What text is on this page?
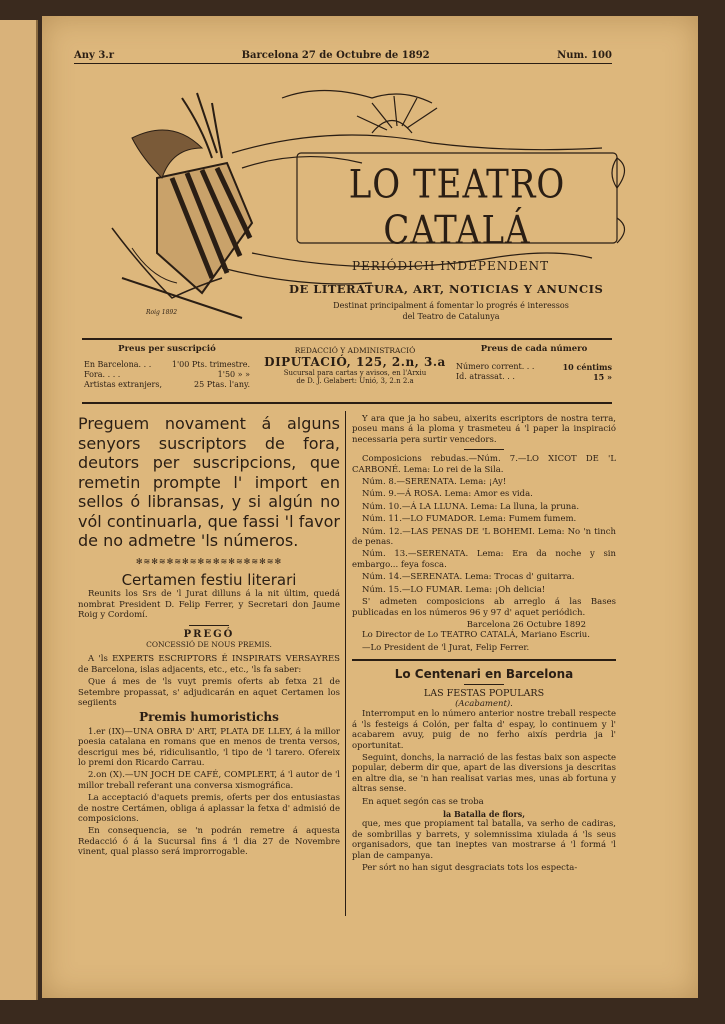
Any 3.r	Barcelona 27 de Octubre de 1892	Num. 100
Roig 1892
LO TEATRO CATALÁ
PERIÓDICH INDEPENDENT
DE LITERATURA, ART, NOTICIAS Y ANUNCIS
Destinat principalment á fomentar lo progrés é interessos del Teatro de Catalunya
Preus per suscripció
En Barcelona. . .	1'00 Pts. trimestre.
Fora. . . .	1'50 » »
Artistas extranjers,	25 Ptas. l'any.
REDACCIÓ Y ADMINISTRACIÓ
DIPUTACIÓ, 125, 2.n, 3.a
Sucursal para cartas y avisos, en l'Arxiu
de D. J. Gelabert: Unió, 3, 2.n 2.a
Preus de cada número
Número corrent. . .	10 céntims
Id. atrassat. . .	15 »
Preguem novament á alguns senyors suscriptors de fora, deutors per suscripcions, que remetin prompte l' import en sellos ó libransas, y si algún no vól continuarla, que fassi 'l favor de no admetre 'ls números.
✻≋✻≋✻≋✻≋✻≋✻≋✻≋✻≋✻≋✻
Certamen festiu literari

Reunits los Srs de 'l Jurat dilluns á la nit últim, quedá nombrat President D. Felip Ferrer, y Secretari don Jaume Roig y Cordomí.

PREGÓ
CONCESSIÓ DE NOUS PREMIS.

A 'ls EXPERTS ESCRIPTORS É INSPIRATS VERSAYRES de Barcelona, islas adjacents, etc., etc., 'ls fa saber:

Que á mes de 'ls vuyt premis oferts ab fetxa 21 de Setembre propassat, s' adjudicarán en aquet Certamen los segiients

Premis humoristichs

1.er (IX)—UNA OBRA D' ART, PLATA DE LLEY, á la millor poesia catalana en romans que en menos de trenta versos, descrigui mes bé, ridiculisantlo, 'l tipo de 'l tarero. Ofereix lo premi don Ricardo Carrau.

2.on (X).—UN JOCH DE CAFÉ, COMPLERT, á 'l autor de 'l millor treball referant una conversa xismográfica.

La acceptació d'aquets premis, oferts per dos entusiastas de nostre Certámen, obliga á aplassar la fetxa d' admisió de composicions.

En consequencia, se 'n podrán remetre á aquesta Redacció ó á la Sucursal fins á 'l dia 27 de Novembre vinent, qual plasso será improrrogable.

Y ara que ja ho sabeu, aixerits escriptors de nostra terra, poseu mans á la ploma y trasmeteu á 'l paper la inspiració necessaria pera surtir vencedors.

Composicions rebudas.—Núm. 7.—LO XICOT DE 'L CARBONÉ. Lema: Lo rei de la Sila.

Núm. 8.—SERENATA. Lema: ¡Ay!

Núm. 9.—Á ROSA. Lema: Amor es vida.

Núm. 10.—Á LA LLUNA. Lema: La lluna, la pruna.

Núm. 11.—LO FUMADOR. Lema: Fumem fumem.

Núm. 12.—LAS PENAS DE 'L BOHEMI. Lema: No 'n tinch de penas.

Núm. 13.—SERENATA. Lema: Era da noche y sin embargo... feya fosca.

Núm. 14.—SERENATA. Lema: Trocas d' guitarra.

Núm. 15.—LO FUMAR. Lema: ¡Oh delicia!

S' admeten composicions ab arreglo á las Bases publicadas en los números 96 y 97 d' aquet periódich.

Barcelona 26 Octubre 1892

Lo Director de Lo TEATRO CATALÁ, Mariano Escriu.

—Lo President de 'l Jurat, Felip Ferrer.

Lo Centenari en Barcelona
LAS FESTAS POPULARS
(Acabament).

Interromput en lo número anterior nostre treball respecte á 'ls festeigs á Colón, per falta d' espay, lo continuem y l' acabarem avuy, puig de no ferho aixís perdria ja l' oportunitat.

Seguint, donchs, la narració de las festas baix son aspecte popular, deberm dir que, apart de las diversions ja descritas en altre dia, se 'n han realisat varias mes, unas ab fortuna y altras sense.

En aquet segón cas se troba

la Batalla de flors,

que, mes que propiament tal batalla, va serho de cadiras, de sombrillas y barrets, y solemnissima xiulada á 'ls seus organisadors, que tan ineptes van mostrarse á 'l formá 'l plan de campanya.

Per sórt no han sigut desgraciats tots los especta-
